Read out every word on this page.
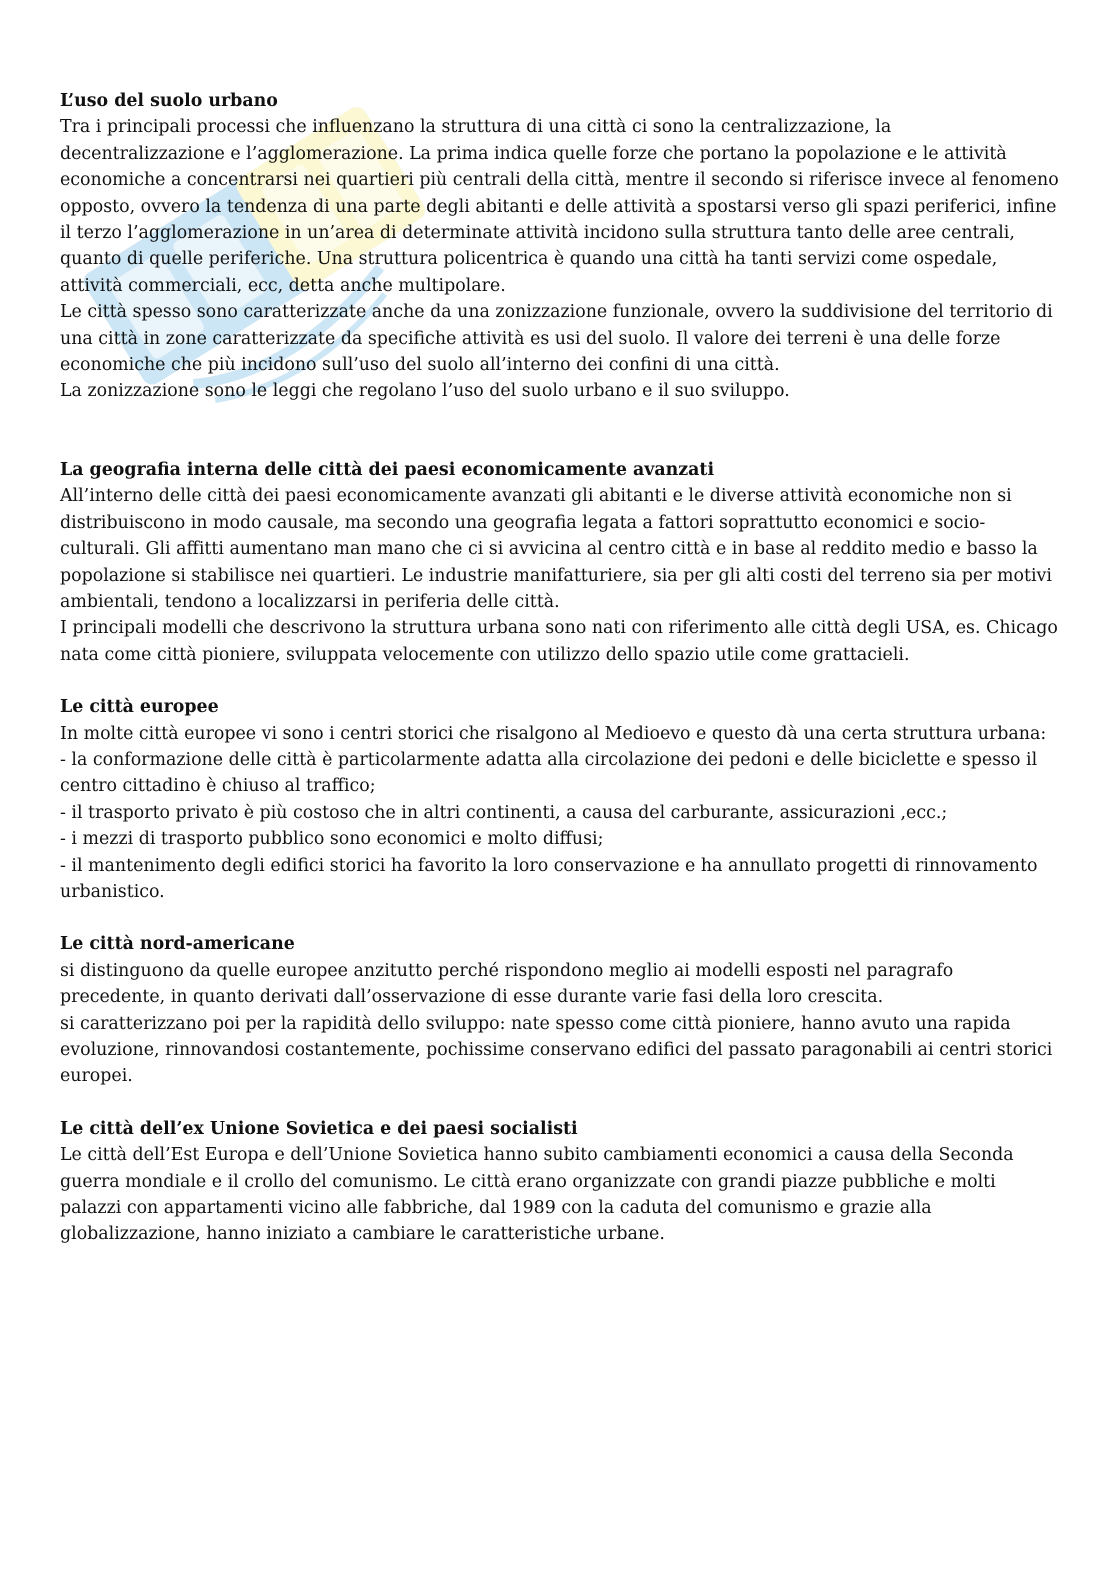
L’uso del suolo urbano

Tra i principali processi che influenzano la struttura di una città ci sono la centralizzazione, la decentralizzazione e l’agglomerazione. La prima indica quelle forze che portano la popolazione e le attività economiche a concentrarsi nei quartieri più centrali della città, mentre il secondo si riferisce invece al fenomeno opposto, ovvero la tendenza di una parte degli abitanti e delle attività a spostarsi verso gli spazi periferici, infine il terzo l’agglomerazione in un’area di determinate attività incidono sulla struttura tanto delle aree centrali, quanto di quelle periferiche. Una struttura policentrica è quando una città ha tanti servizi come ospedale, attività commerciali, ecc, detta anche multipolare.

Le città spesso sono caratterizzate anche da una zonizzazione funzionale, ovvero la suddivisione del territorio di una città in zone caratterizzate da specifiche attività es usi del suolo. Il valore dei terreni è una delle forze economiche che più incidono sull’uso del suolo all’interno dei confini di una città.

La zonizzazione sono le leggi che regolano l’uso del suolo urbano e il suo sviluppo.

La geografia interna delle città dei paesi economicamente avanzati

All’interno delle città dei paesi economicamente avanzati gli abitanti e le diverse attività economiche non si distribuiscono in modo causale, ma secondo una geografia legata a fattori soprattutto economici e socio- culturali. Gli affitti aumentano man mano che ci si avvicina al centro città e in base al reddito medio e basso la popolazione si stabilisce nei quartieri. Le industrie manifatturiere, sia per gli alti costi del terreno sia per motivi ambientali, tendono a localizzarsi in periferia delle città.

I principali modelli che descrivono la struttura urbana sono nati con riferimento alle città degli USA, es. Chicago nata come città pioniere, sviluppata velocemente con utilizzo dello spazio utile come grattacieli.

Le città europee

In molte città europee vi sono i centri storici che risalgono al Medioevo e questo dà una certa struttura urbana:

- la conformazione delle città è particolarmente adatta alla circolazione dei pedoni e delle biciclette e spesso il centro cittadino è chiuso al traffico;

- il trasporto privato è più costoso che in altri continenti, a causa del carburante, assicurazioni ,ecc.;

- i mezzi di trasporto pubblico sono economici e molto diffusi;

- il mantenimento degli edifici storici ha favorito la loro conservazione e ha annullato progetti di rinnovamento urbanistico.

Le città nord-americane

si distinguono da quelle europee anzitutto perché rispondono meglio ai modelli esposti nel paragrafo precedente, in quanto derivati dall’osservazione di esse durante varie fasi della loro crescita.

si caratterizzano poi per la rapidità dello sviluppo: nate spesso come città pioniere, hanno avuto una rapida evoluzione, rinnovandosi costantemente, pochissime conservano edifici del passato paragonabili ai centri storici europei.

Le città dell’ex Unione Sovietica e dei paesi socialisti

Le città dell’Est Europa e dell’Unione Sovietica hanno subito cambiamenti economici a causa della Seconda guerra mondiale e il crollo del comunismo. Le città erano organizzate con grandi piazze pubbliche e molti palazzi con appartamenti vicino alle fabbriche, dal 1989 con la caduta del comunismo e grazie alla globalizzazione, hanno iniziato a cambiare le caratteristiche urbane.
